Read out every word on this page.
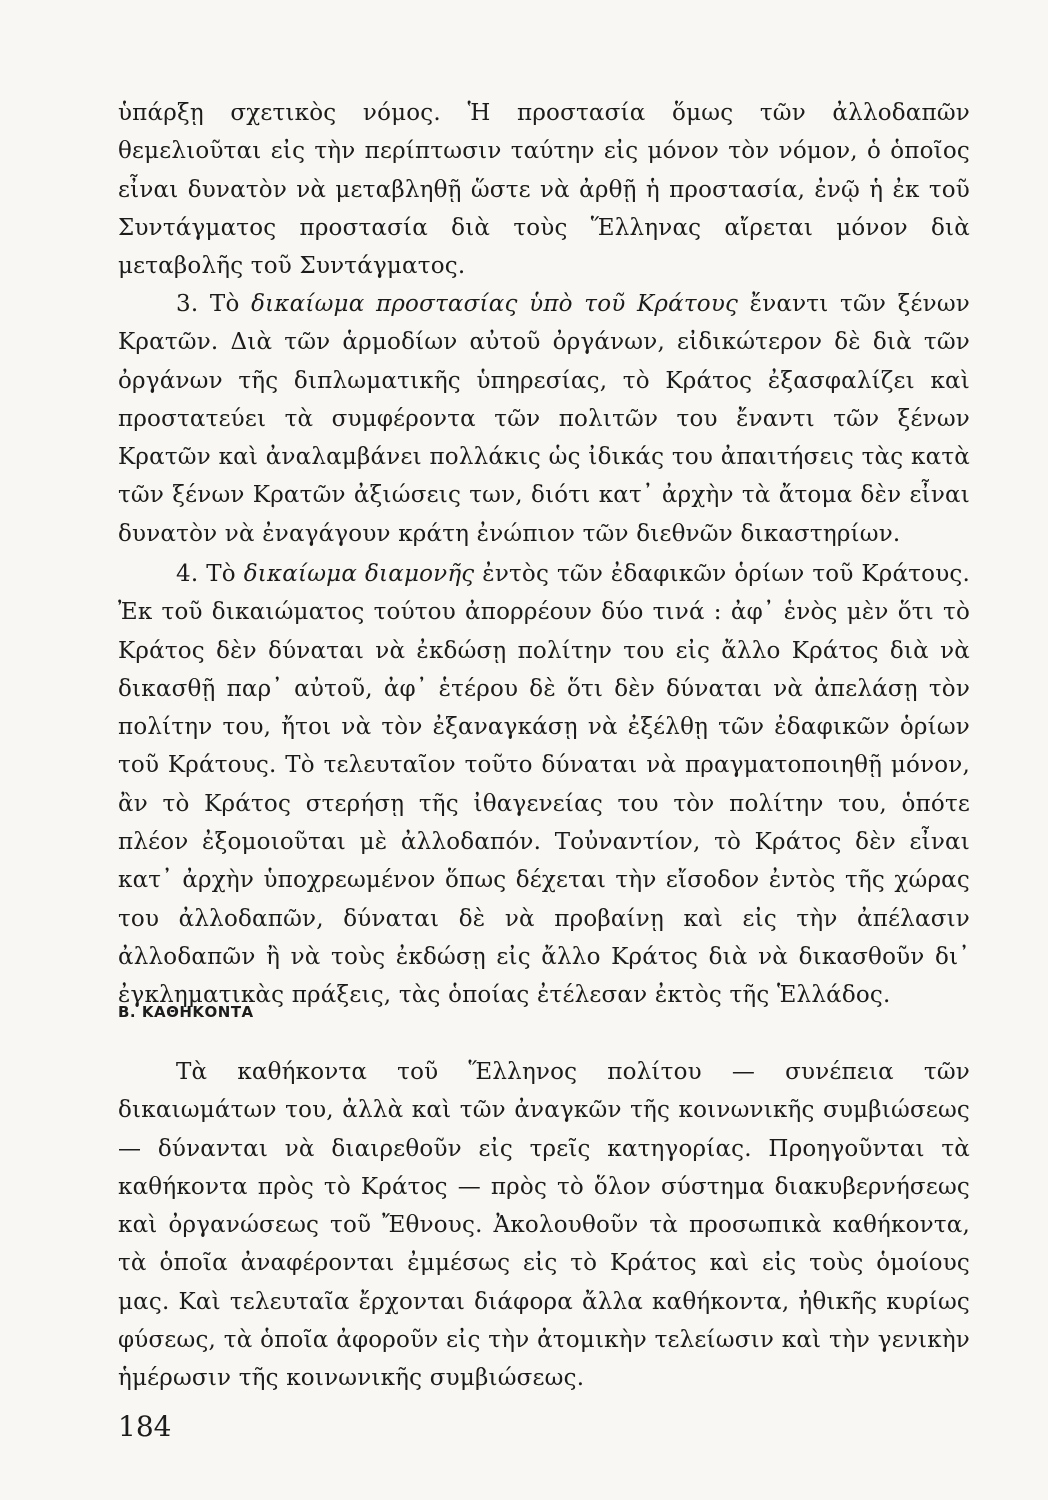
ὑπάρξῃ σχετικὸς νόμος. Ἡ προστασία ὅμως τῶν ἀλλοδαπῶν θεμελιοῦται εἰς τὴν περίπτωσιν ταύτην εἰς μόνον τὸν νόμον, ὁ ὁποῖος εἶναι δυνατὸν νὰ μεταβληθῇ ὥστε νὰ ἀρθῇ ἡ προστασία, ἐνῷ ἡ ἐκ τοῦ Συντάγματος προστασία διὰ τοὺς Ἕλληνας αἴρεται μόνον διὰ μεταβολῆς τοῦ Συντάγματος.

3. Τὸ δικαίωμα προστασίας ὑπὸ τοῦ Κράτους ἔναντι τῶν ξένων Κρατῶν. Διὰ τῶν ἁρμοδίων αὐτοῦ ὀργάνων, εἰδικώτερον δὲ διὰ τῶν ὀργάνων τῆς διπλωματικῆς ὑπηρεσίας, τὸ Κράτος ἐξασφαλίζει καὶ προστατεύει τὰ συμφέροντα τῶν πολιτῶν του ἔναντι τῶν ξένων Κρατῶν καὶ ἀναλαμβάνει πολλάκις ὡς ἰδικάς του ἀπαιτήσεις τὰς κατὰ τῶν ξένων Κρατῶν ἀξιώσεις των, διότι κατ᾽ ἀρχὴν τὰ ἄτομα δὲν εἶναι δυνατὸν νὰ ἐναγάγουν κράτη ἐνώπιον τῶν διεθνῶν δικαστηρίων.

4. Τὸ δικαίωμα διαμονῆς ἐντὸς τῶν ἐδαφικῶν ὁρίων τοῦ Κράτους. Ἐκ τοῦ δικαιώματος τούτου ἀπορρέουν δύο τινά : ἀφ᾽ ἑνὸς μὲν ὅτι τὸ Κράτος δὲν δύναται νὰ ἐκδώσῃ πολίτην του εἰς ἄλλο Κράτος διὰ νὰ δικασθῇ παρ᾽ αὐτοῦ, ἀφ᾽ ἑτέρου δὲ ὅτι δὲν δύναται νὰ ἀπελάσῃ τὸν πολίτην του, ἤτοι νὰ τὸν ἐξαναγκάσῃ νὰ ἐξέλθῃ τῶν ἐδαφικῶν ὁρίων τοῦ Κράτους. Τὸ τελευταῖον τοῦτο δύναται νὰ πραγματοποιηθῇ μόνον, ἂν τὸ Κράτος στερήσῃ τῆς ἰθαγενείας του τὸν πολίτην του, ὁπότε πλέον ἐξομοιοῦται μὲ ἀλλοδαπόν. Τοὐναντίον, τὸ Κράτος δὲν εἶναι κατ᾽ ἀρχὴν ὑποχρεωμένον ὅπως δέχεται τὴν εἴσοδον ἐντὸς τῆς χώρας του ἀλλοδαπῶν, δύναται δὲ νὰ προβαίνῃ καὶ εἰς τὴν ἀπέλασιν ἀλλοδαπῶν ἢ νὰ τοὺς ἐκδώσῃ εἰς ἄλλο Κράτος διὰ νὰ δικασθοῦν δι᾽ ἐγκληματικὰς πράξεις, τὰς ὁποίας ἐτέλεσαν ἐκτὸς τῆς Ἑλλάδος.

Β. ΚΑΘΗΚΟΝΤΑ

Τὰ καθήκοντα τοῦ Ἕλληνος πολίτου — συνέπεια τῶν δικαιωμάτων του, ἀλλὰ καὶ τῶν ἀναγκῶν τῆς κοινωνικῆς συμβιώσεως — δύνανται νὰ διαιρεθοῦν εἰς τρεῖς κατηγορίας. Προηγοῦνται τὰ καθήκοντα πρὸς τὸ Κράτος — πρὸς τὸ ὅλον σύστημα διακυβερνήσεως καὶ ὀργανώσεως τοῦ Ἔθνους. Ἀκολουθοῦν τὰ προσωπικὰ καθήκοντα, τὰ ὁποῖα ἀναφέρονται ἐμμέσως εἰς τὸ Κράτος καὶ εἰς τοὺς ὁμοίους μας. Καὶ τελευταῖα ἔρχονται διάφορα ἄλλα καθήκοντα, ἠθικῆς κυρίως φύσεως, τὰ ὁποῖα ἀφοροῦν εἰς τὴν ἀτομικὴν τελείωσιν καὶ τὴν γενικὴν ἡμέρωσιν τῆς κοινωνικῆς συμβιώσεως.

184
